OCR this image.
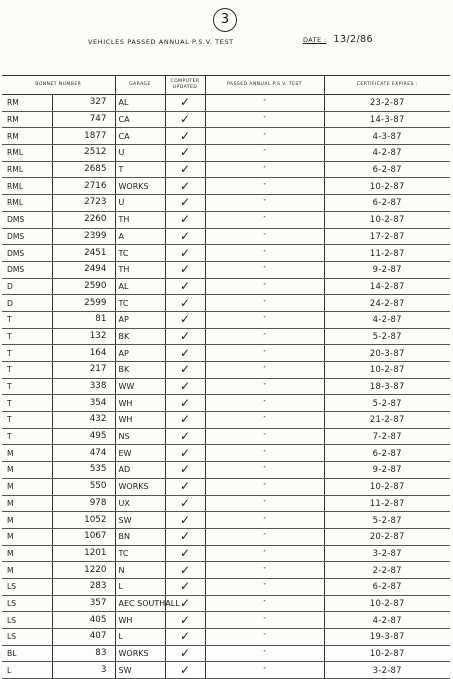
3
VEHICLES PASSED ANNUAL P.S.V. TEST	DATE : 13/2/86
BONNET NUMBER		GARAGE	COMPUTER
UPDATED	PASSED ANNUAL P.S.V. TEST	CERTIFICATE EXPIRES :
RM	327	AL	✓	"	23-2-87
RM	747	CA	✓	"	14-3-87
RM	1877	CA	✓	"	4-3-87
RML	2512	U	✓	"	4-2-87
RML	2685	T	✓	"	6-2-87
RML	2716	WORKS	✓	"	10-2-87
RML	2723	U	✓	"	6-2-87
DMS	2260	TH	✓	"	10-2-87
DMS	2399	A	✓	"	17-2-87
DMS	2451	TC	✓	"	11-2-87
DMS	2494	TH	✓	"	9-2-87
D	2590	AL	✓	"	14-2-87
D	2599	TC	✓	"	24-2-87
T	81	AP	✓	"	4-2-87
T	132	BK	✓	"	5-2-87
T	164	AP	✓	"	20-3-87
T	217	BK	✓	"	10-2-87
T	338	WW	✓	"	18-3-87
T	354	WH	✓	"	5-2-87
T	432	WH	✓	"	21-2-87
T	495	NS	✓	"	7-2-87
M	474	EW	✓	"	6-2-87
M	535	AD	✓	"	9-2-87
M	550	WORKS	✓	"	10-2-87
M	978	UX	✓	"	11-2-87
M	1052	SW	✓	"	5-2-87
M	1067	BN	✓	"	20-2-87
M	1201	TC	✓	"	3-2-87
M	1220	N	✓	"	2-2-87
LS	283	L	✓	"	6-2-87
LS	357	AEC SOUTHALL	✓	"	10-2-87
LS	405	WH	✓	"	4-2-87
LS	407	L	✓	"	19-3-87
BL	83	WORKS	✓	"	10-2-87
L	3	SW	✓	"	3-2-87
